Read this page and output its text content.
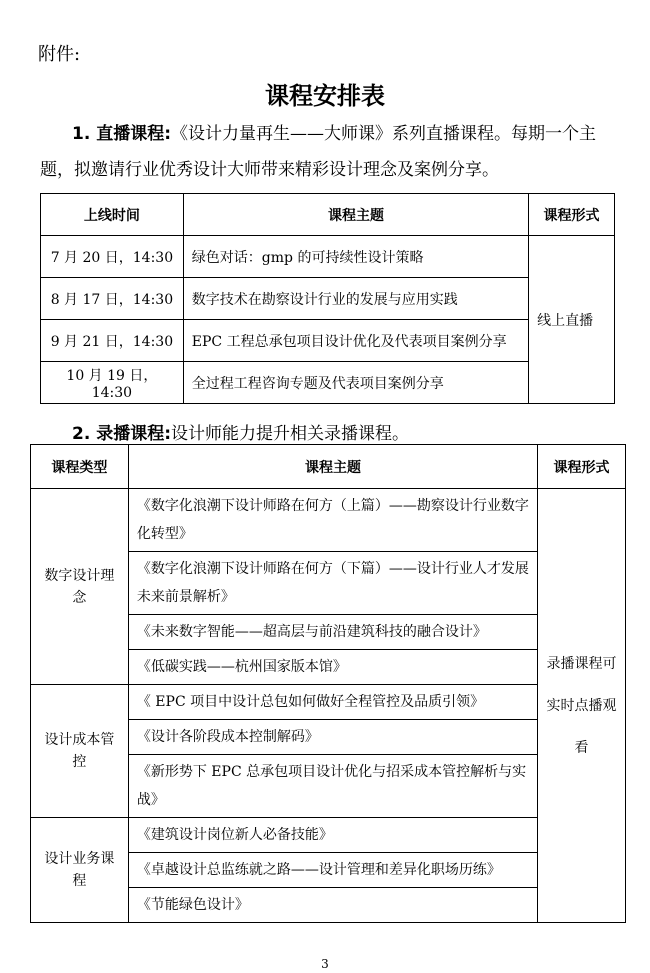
附件:
课程安排表
1. 直播课程:《设计力量再生——大师课》系列直播课程。每期一个主题，拟邀请行业优秀设计大师带来精彩设计理念及案例分享。
上线时间	课程主题	课程形式
7 月 20 日，14:30	绿色对话：gmp 的可持续性设计策略	线上直播
8 月 17 日，14:30	数字技术在勘察设计行业的发展与应用实践	
9 月 21 日，14:30	EPC 工程总承包项目设计优化及代表项目案例分享	
10 月 19 日，14:30	全过程工程咨询专题及代表项目案例分享	
2. 录播课程:设计师能力提升相关录播课程。
课程类型	课程主题	课程形式
数字设计理念	《数字化浪潮下设计师路在何方（上篇）——勘察设计行业数字化转型》	录播课程可实时点播观看
	《数字化浪潮下设计师路在何方（下篇）——设计行业人才发展未来前景解析》	
	《未来数字智能——超高层与前沿建筑科技的融合设计》	
	《低碳实践——杭州国家版本馆》	
设计成本管控	《 EPC 项目中设计总包如何做好全程管控及品质引领》	
	《设计各阶段成本控制解码》	
	《新形势下 EPC 总承包项目设计优化与招采成本管控解析与实战》	
设计业务课程	《建筑设计岗位新人必备技能》	
	《卓越设计总监练就之路——设计管理和差异化职场历练》	
	《节能绿色设计》	
3
